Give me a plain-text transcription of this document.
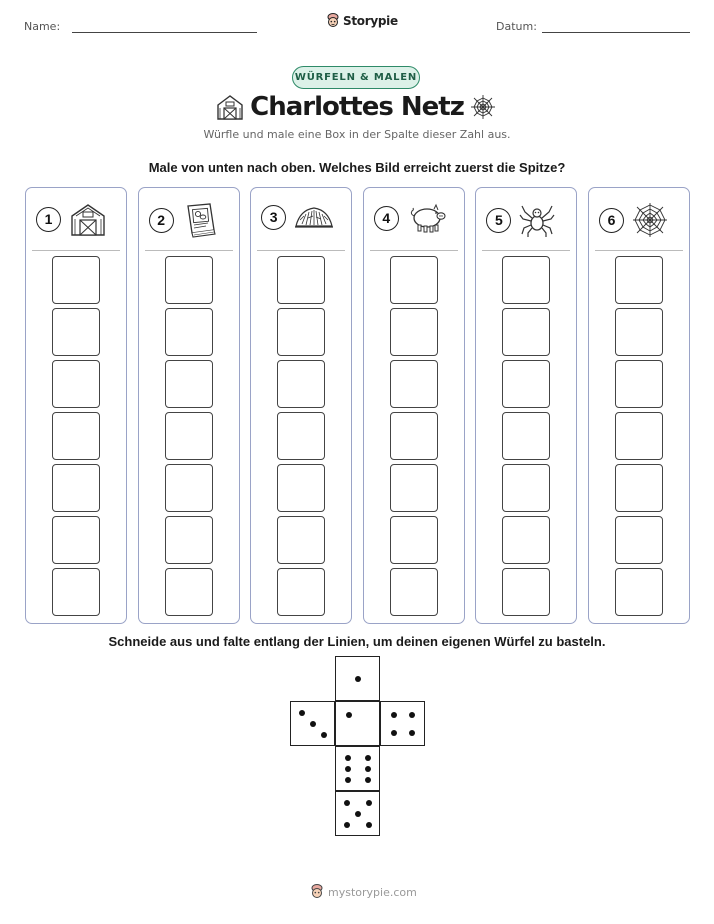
Name:	Storypie	Datum:
WÜRFELN & MALEN
Charlottes Netz
Würfle und male eine Box in der Spalte dieser Zahl aus.
Male von unten nach oben. Welches Bild erreicht zuerst die Spitze?
1	2	3	4	5	6
Schneide aus und falte entlang der Linien, um deinen eigenen Würfel zu basteln.
mystorypie.com
